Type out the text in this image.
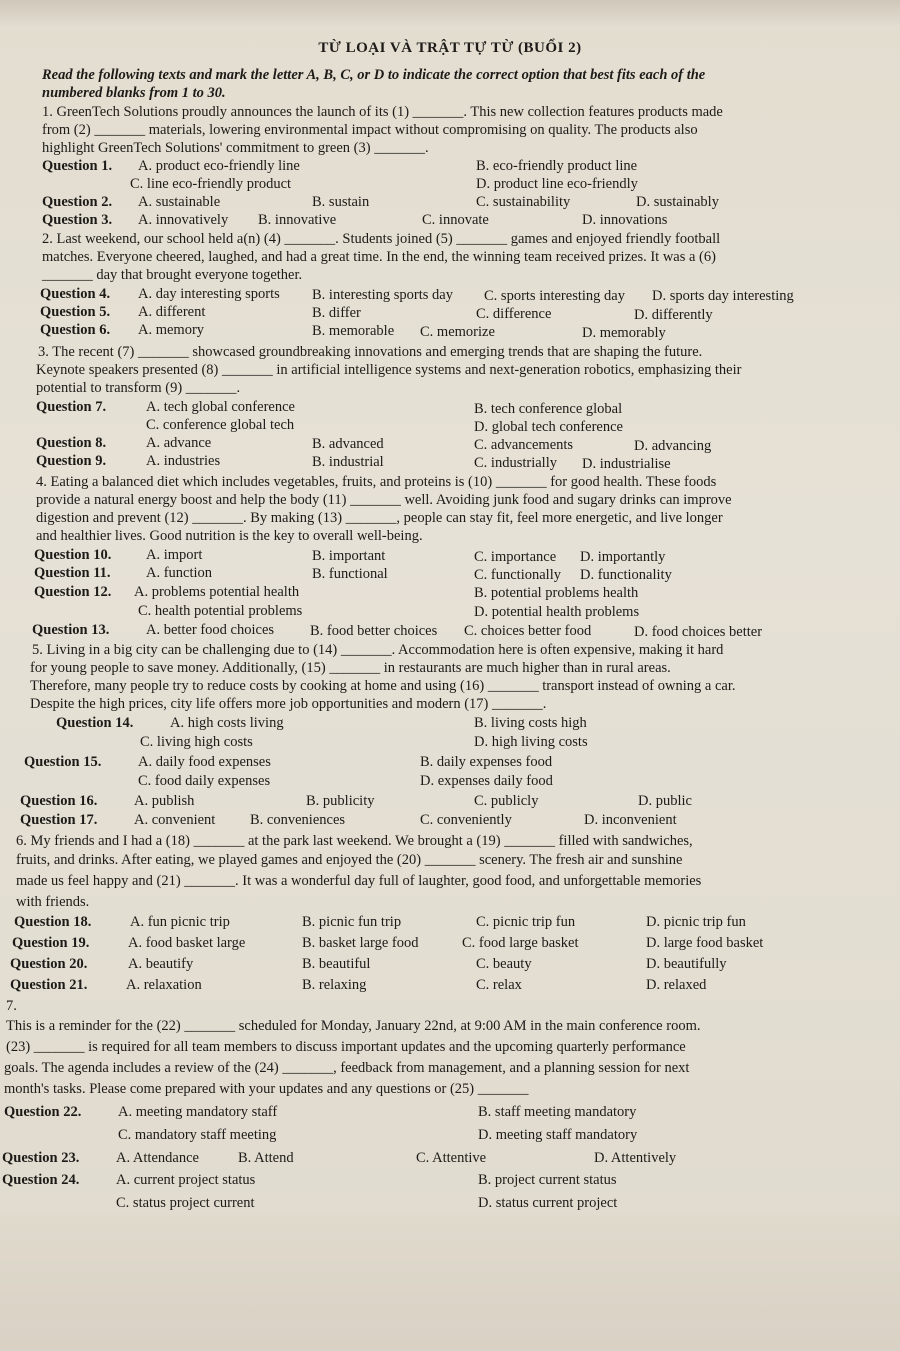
TỪ LOẠI VÀ TRẬT TỰ TỪ (BUỔI 2)
Read the following texts and mark the letter A, B, C, or D to indicate the correct option that best fits each of the
numbered blanks from 1 to 30.
1. GreenTech Solutions proudly announces the launch of its (1) _______. This new collection features products made
from (2) _______ materials, lowering environmental impact without compromising on quality. The products also
highlight GreenTech Solutions' commitment to green (3) _______.
Question 1. A. product eco-friendly line	B. eco-friendly product line
C. line eco-friendly product	D. product line eco-friendly
Question 2. A. sustainable	B. sustain	C. sustainability	D. sustainably
Question 3. A. innovatively B. innovative	C. innovate	D. innovations
2. Last weekend, our school held a(n) (4) _______. Students joined (5) _______ games and enjoyed friendly football
matches. Everyone cheered, laughed, and had a great time. In the end, the winning team received prizes. It was a (6)
_______ day that brought everyone together.
Question 4. A. day interesting sports B. interesting sports day C. sports interesting day D. sports day interesting
Question 5. A. different	B. differ	C. difference	D. differently
Question 6. A. memory	B. memorable C. memorize	D. memorably
3. The recent (7) _______ showcased groundbreaking innovations and emerging trends that are shaping the future.
Keynote speakers presented (8) _______ in artificial intelligence systems and next-generation robotics, emphasizing their
potential to transform (9) _______.
Question 7.	A. tech global conference	B. tech conference global
C. conference global tech	D. global tech conference
Question 8.	A. advance	B. advanced	C. advancements	D. advancing
Question 9.	A. industries	B. industrial	C. industrially D. industrialise
4. Eating a balanced diet which includes vegetables, fruits, and proteins is (10) _______ for good health. These foods
provide a natural energy boost and help the body (11) _______ well. Avoiding junk food and sugary drinks can improve
digestion and prevent (12) _______. By making (13) _______, people can stay fit, feel more energetic, and live longer
and healthier lives. Good nutrition is the key to overall well-being.
Question 10. A. import	B. important	C. importance D. importantly
Question 11. A. function	B. functional	C. functionally D. functionality
Question 12. A. problems potential health	B. potential problems health
C. health potential problems	D. potential health problems
Question 13.	A. better food choices B. food better choices C. choices better food	D. food choices better
5. Living in a big city can be challenging due to (14) _______. Accommodation here is often expensive, making it hard
for young people to save money. Additionally, (15) _______ in restaurants are much higher than in rural areas.
Therefore, many people try to reduce costs by cooking at home and using (16) _______ transport instead of owning a car.
Despite the high prices, city life offers more job opportunities and modern (17) _______.
Question 14.	A. high costs living	B. living costs high
C. living high costs	D. high living costs
Question 15.	A. daily food expenses	B. daily expenses food
C. food daily expenses	D. expenses daily food
Question 16.	A. publish	B. publicity	C. publicly	D. public
Question 17.	A. convenient B. conveniences	C. conveniently	D. inconvenient
6. My friends and I had a (18) _______ at the park last weekend. We brought a (19) _______ filled with sandwiches,
fruits, and drinks. After eating, we played games and enjoyed the (20) _______ scenery. The fresh air and sunshine
made us feel happy and (21) _______. It was a wonderful day full of laughter, good food, and unforgettable memories
with friends.
Question 18.	A. fun picnic trip	B. picnic fun trip	C. picnic trip fun	D. picnic trip fun
Question 19.	A. food basket large	B. basket large food	C. food large basket	D. large food basket
Question 20.	A. beautify	B. beautiful	C. beauty	D. beautifully
Question 21.	A. relaxation	B. relaxing	C. relax	D. relaxed
7.
This is a reminder for the (22) _______ scheduled for Monday, January 22nd, at 9:00 AM in the main conference room.
(23) _______ is required for all team members to discuss important updates and the upcoming quarterly performance
goals. The agenda includes a review of the (24) _______, feedback from management, and a planning session for next
month's tasks. Please come prepared with your updates and any questions or (25) _______
Question 22.	A. meeting mandatory staff	B. staff meeting mandatory
C. mandatory staff meeting	D. meeting staff mandatory
Question 23.	A. Attendance	B. Attend	C. Attentive	D. Attentively
Question 24.	A. current project status	B. project current status
C. status project current	D. status current project
